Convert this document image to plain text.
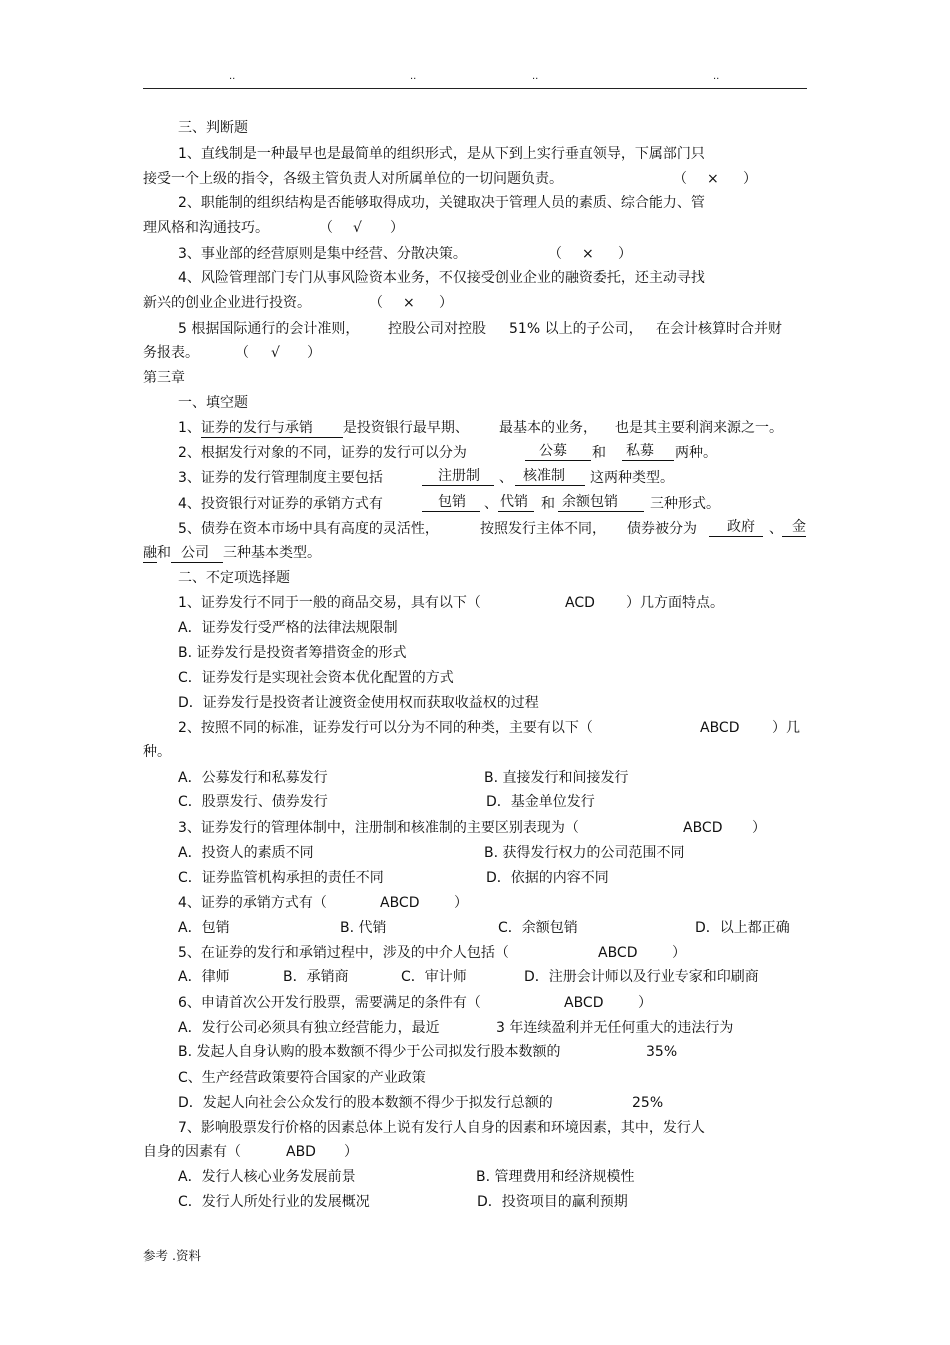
..	..	..	..
三、判断题
1、直线制是一种最早也是最简单的组织形式，是从下到上实行垂直领导，下属部门只
接受一个上级的指令，各级主管负责人对所属单位的一切问题负责。	（ × ）
2、职能制的组织结构是否能够取得成功，关键取决于管理人员的素质、综合能力、管
理风格和沟通技巧。	（ √ ）
3、事业部的经营原则是集中经营、分散决策。	（ × ）
4、风险管理部门专门从事风险资本业务，不仅接受创业企业的融资委托，还主动寻找
新兴的创业企业进行投资。	（ × ）
5 根据国际通行的会计准则， 控股公司对控股 51% 以上的子公司， 在会计核算时合并财
务报表。	（ √ ）
第三章
一、填空题
1、证券的发行与承销 是投资银行最早期、 最基本的业务， 也是其主要利润来源之一。
2、根据发行对象的不同，证券的发行可以分为	公募	和 私募	两种。
3、证券的发行管理制度主要包括	注册制	、 核准制	这两种类型。
4、投资银行对证券的承销方式有	包销	、 代销 和 余额包销	三种形式。
5、债券在资本市场中具有高度的灵活性，	按照发行主体不同， 债券被分为	政府	、 金
融和 公司 三种基本类型。
二、不定项选择题
1、证券发行不同于一般的商品交易，具有以下（	ACD ）几方面特点。
A．证券发行受严格的法律法规限制
B. 证券发行是投资者筹措资金的形式
C．证券发行是实现社会资本优化配置的方式
D．证券发行是投资者让渡资金使用权而获取收益权的过程
2、按照不同的标准，证券发行可以分为不同的种类，主要有以下（	ABCD ）几
种。
A．公募发行和私募发行	B. 直接发行和间接发行
C．股票发行、债券发行	D．基金单位发行
3、证券发行的管理体制中，注册制和核准制的主要区别表现为（	ABCD ）
A．投资人的素质不同	B. 获得发行权力的公司范围不同
C．证券监管机构承担的责任不同	D．依据的内容不同
4、证券的承销方式有（	ABCD ）
A．包销	B. 代销	C．余额包销	D．以上都正确
5、在证券的发行和承销过程中，涉及的中介人包括（	ABCD ）
A．律师	B．承销商	C．审计师	D．注册会计师以及行业专家和印刷商
6、申请首次公开发行股票，需要满足的条件有（	ABCD ）
A．发行公司必须具有独立经营能力，最近	3 年连续盈利并无任何重大的违法行为
B. 发起人自身认购的股本数额不得少于公司拟发行股本数额的	35%
C、生产经营政策要符合国家的产业政策
D．发起人向社会公众发行的股本数额不得少于拟发行总额的	25%
7、影响股票发行价格的因素总体上说有发行人自身的因素和环境因素，其中，发行人
自身的因素有（	ABD ）
A．发行人核心业务发展前景	B. 管理费用和经济规模性
C．发行人所处行业的发展概况	D．投资项目的赢利预期
参考 .资料
